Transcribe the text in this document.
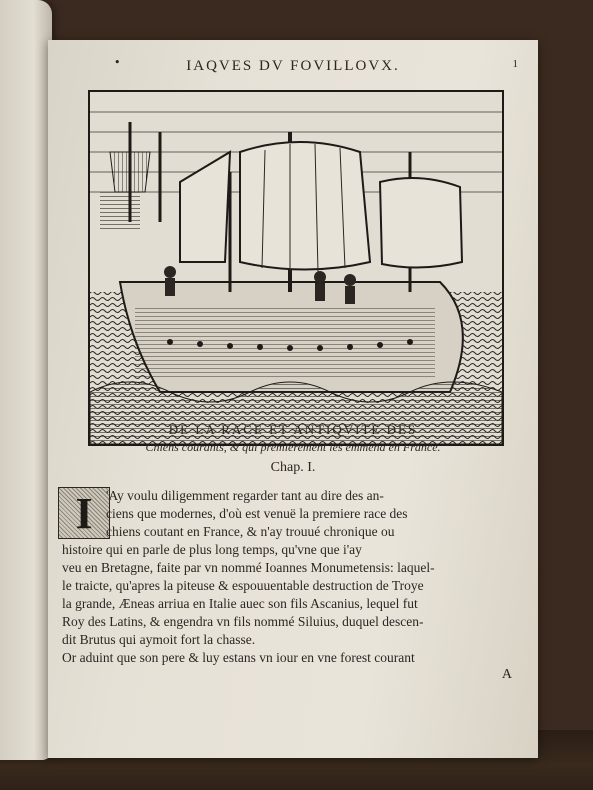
•	IAQVES DV FOVILLOVX.	1
DE LA RACE ET ANTIQVITE DES
Chiens courants, & qui premierement les emmena en France.
Chap. I.
I 'Ay voulu diligemment regarder tant au dire des an-
ciens que modernes, d'où est venuë la premiere race des
chiens coutant en France, & n'ay trouué chronique ou
histoire qui en parle de plus long temps, qu'vne que i'ay
veu en Bretagne, faite par vn nommé Ioannes Monumetensis: laquel-
le traicte, qu'apres la piteuse & espouuentable destruction de Troye
la grande, Æneas arriua en Italie auec son fils Ascanius, lequel fut
Roy des Latins, & engendra vn fils nommé Siluius, duquel descen-
dit Brutus qui aymoit fort la chasse.
Or aduint que son pere & luy estans vn iour en vne forest courant
A
